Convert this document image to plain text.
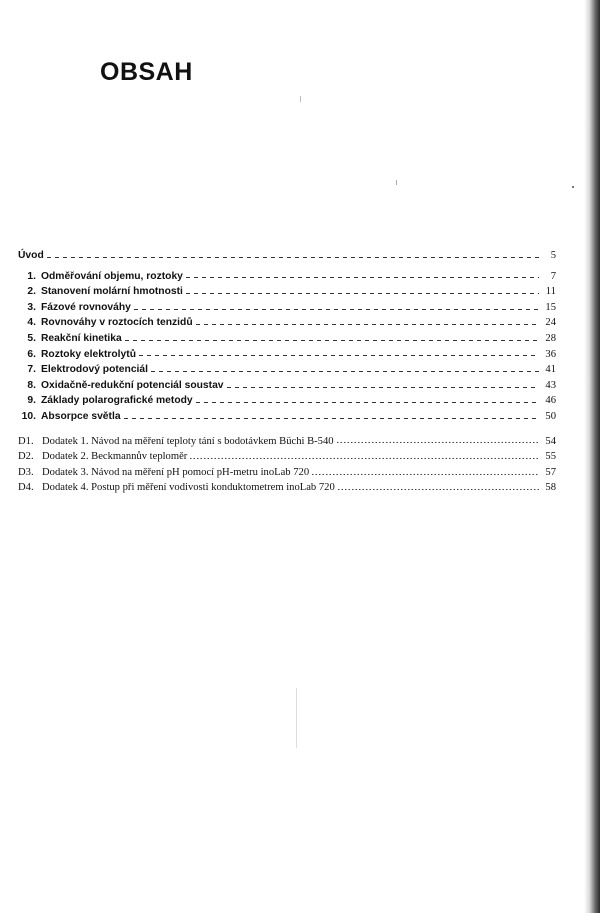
OBSAH
Úvod	5
1. Odměřování objemu, roztoky	7
2. Stanovení molární hmotnosti	11
3. Fázové rovnováhy	15
4. Rovnováhy v roztocích tenzidů	24
5. Reakční kinetika	28
6. Roztoky elektrolytů	36
7. Elektrodový potenciál	41
8. Oxidačně-redukční potenciál soustav	43
9. Základy polarografické metody	46
10. Absorpce světla	50
D1. Dodatek 1. Návod na měření teploty tání s bodotávkem Büchi B-540	54
D2. Dodatek 2. Beckmannův teploměr	55
D3. Dodatek 3. Návod na měření pH pomocí pH-metru inoLab 720	57
D4. Dodatek 4. Postup při měření vodivosti konduktometrem inoLab 720	58
